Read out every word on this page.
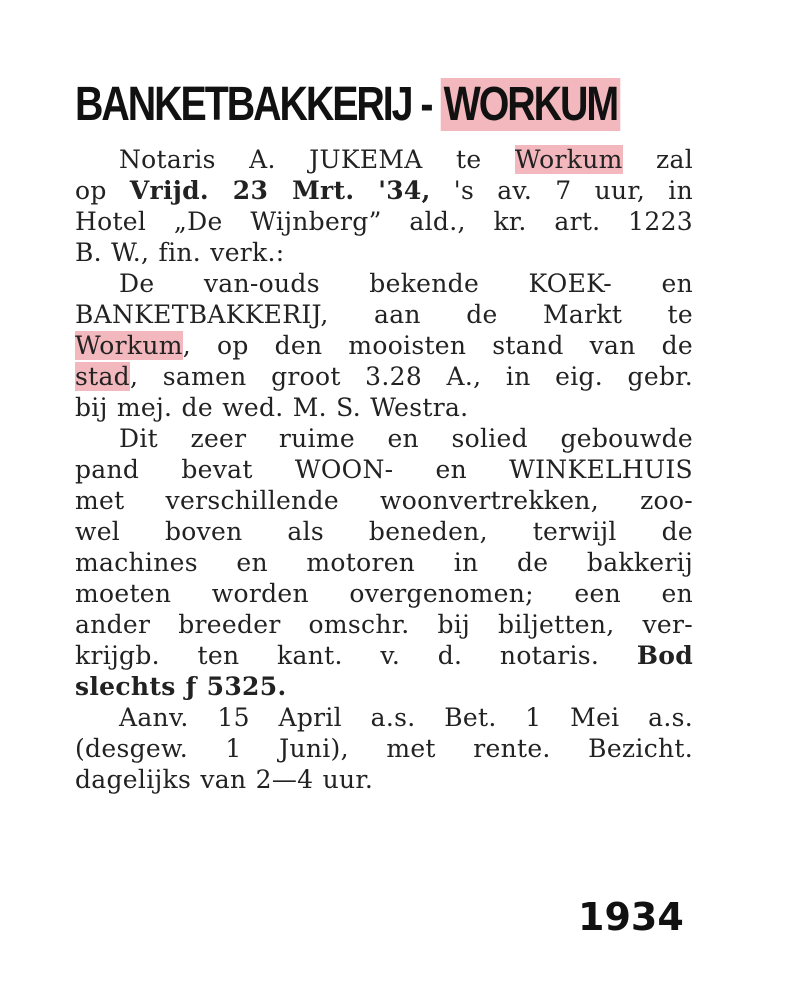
BANKETBAKKERIJ - WORKUM

Notaris A. JUKEMA te Workum zal
op Vrijd. 23 Mrt. '34, 's av. 7 uur, in
Hotel „De Wijnberg” ald., kr. art. 1223
B. W., fin. verk.:

De van-ouds bekende KOEK- en
BANKETBAKKERIJ, aan de Markt te
Workum, op den mooisten stand van de
stad, samen groot 3.28 A., in eig. gebr.
bij mej. de wed. M. S. Westra.

Dit zeer ruime en solied gebouwde
pand bevat WOON- en WINKELHUIS
met verschillende woonvertrekken, zoo-
wel boven als beneden, terwijl de
machines en motoren in de bakkerij
moeten worden overgenomen; een en
ander breeder omschr. bij biljetten, ver-
krijgb. ten kant. v. d. notaris. Bod
slechts ƒ 5325.

Aanv. 15 April a.s. Bet. 1 Mei a.s.
(desgew. 1 Juni), met rente. Bezicht.
dagelijks van 2—4 uur.

1934
